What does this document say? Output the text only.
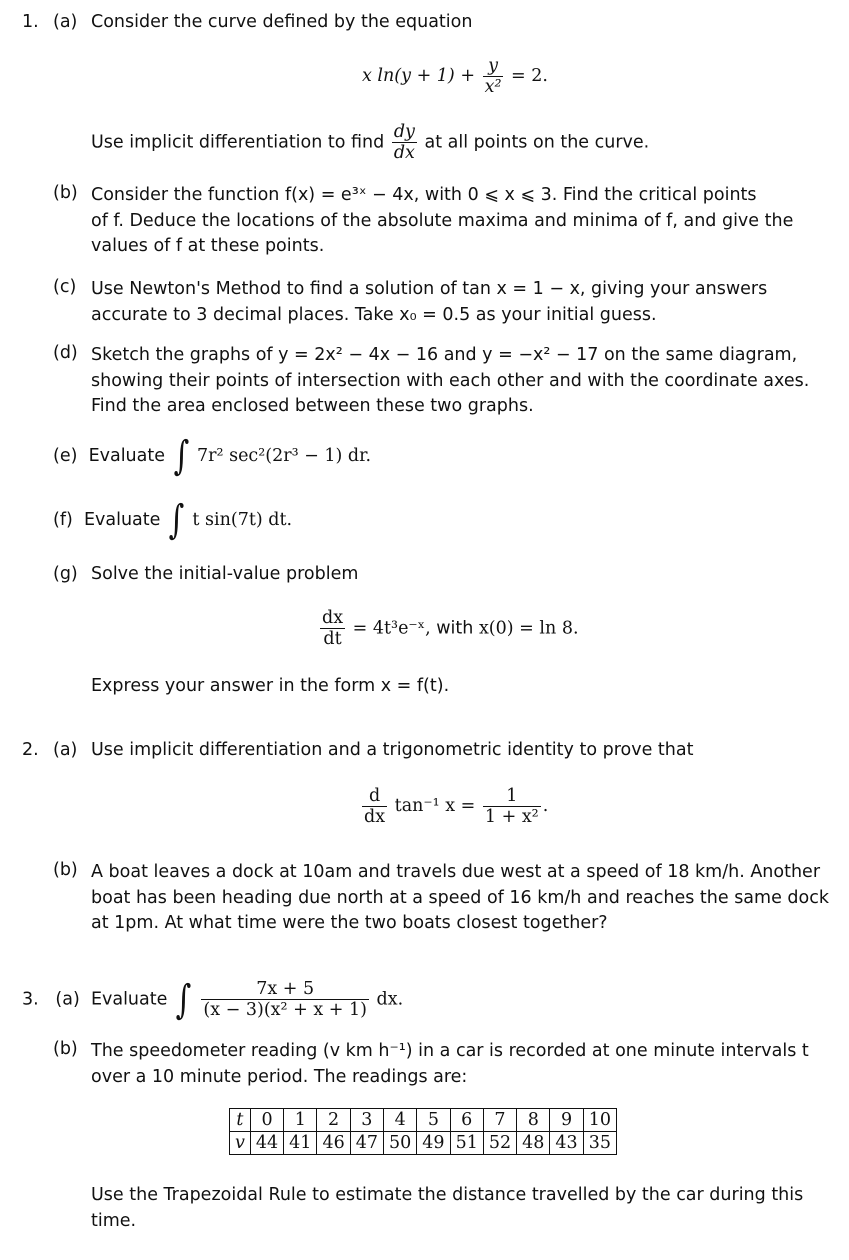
1. (a) Consider the curve defined by the equation
x $\ln(y + 1) + \frac{y}{\text{x²}} = 2$.
Use implicit differentiation to find $\frac{dy}{dx}$ at all points on the curve.
(b) Consider the function f(x) = e³ˣ − 4x, with 0 ⩽ x ⩽ 3. Find the critical points
of f. Deduce the locations of the absolute maxima and minima of f, and give the
values of f at these points.
(c) Use Newton's Method to find a solution of tan x = 1 − x, giving your answers
accurate to 3 decimal places. Take x₀ = 0.5 as your initial guess.
(d) Sketch the graphs of y = 2x² − 4x − 16 and y = −x² − 17 on the same diagram,
showing their points of intersection with each other and with the coordinate axes.
Find the area enclosed between these two graphs.
(e) Evaluate ∫ 7r² sec²(2r³ − 1) dr.
(f) Evaluate ∫ t sin(7t) dt.
(g) Solve the initial-value problem
$\frac{dx}{dt}$ = 4t³e⁻ˣ, with x(0) = ln 8.
Express your answer in the form x = f(t).
2. (a) Use implicit differentiation and a trigonometric identity to prove that
$\frac{d}{dx} \tan^{-1}$ $x = \frac{1}{\text{1 + x²}}$ .
(b) A boat leaves a dock at 10am and travels due west at a speed of 18 km/h. Another
boat has been heading due north at a speed of 16 km/h and reaches the same dock
at 1pm. At what time were the two boats closest together?
3. (a) Evaluate ∫ $\frac{7x + 5}{\text{(x − 3)(x² + x + 1)}}$ dx.
(b) The speedometer reading (v km h⁻¹) in a car is recorded at one minute intervals t
over a 10 minute period. The readings are:
t	0	1	2	3	4	5	6	7	8	9	10
v	44	41	46	47	50	49	51	52	48	43	35
Use the Trapezoidal Rule to estimate the distance travelled by the car during this
time.
